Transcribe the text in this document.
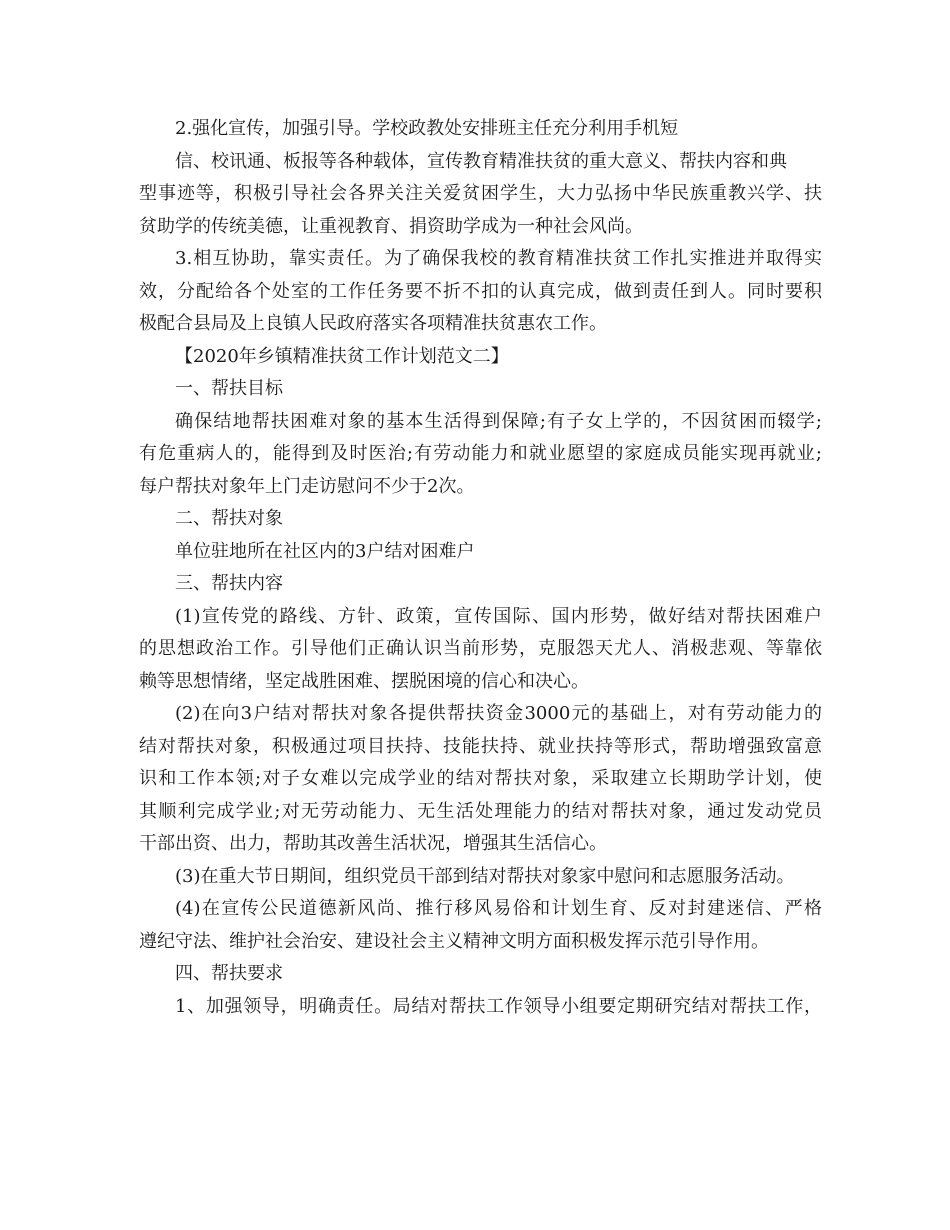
2.强化宣传，加强引导。学校政教处安排班主任充分利用手机短
信、校讯通、板报等各种载体，宣传教育精准扶贫的重大意义、帮扶内容和典
型事迹等，积极引导社会各界关注关爱贫困学生，大力弘扬中华民族重教兴学、扶
贫助学的传统美德，让重视教育、捐资助学成为一种社会风尚。
3.相互协助，靠实责任。为了确保我校的教育精准扶贫工作扎实推进并取得实
效，分配给各个处室的工作任务要不折不扣的认真完成，做到责任到人。同时要积
极配合县局及上良镇人民政府落实各项精准扶贫惠农工作。
【2020年乡镇精准扶贫工作计划范文二】
一、帮扶目标
确保结地帮扶困难对象的基本生活得到保障;有子女上学的，不因贫困而辍学;
有危重病人的，能得到及时医治;有劳动能力和就业愿望的家庭成员能实现再就业;
每户帮扶对象年上门走访慰问不少于2次。
二、帮扶对象
单位驻地所在社区内的3户结对困难户
三、帮扶内容
(1)宣传党的路线、方针、政策，宣传国际、国内形势，做好结对帮扶困难户
的思想政治工作。引导他们正确认识当前形势，克服怨天尤人、消极悲观、等靠依
赖等思想情绪，坚定战胜困难、摆脱困境的信心和决心。
(2)在向3户结对帮扶对象各提供帮扶资金3000元的基础上，对有劳动能力的
结对帮扶对象，积极通过项目扶持、技能扶持、就业扶持等形式，帮助增强致富意
识和工作本领;对子女难以完成学业的结对帮扶对象，采取建立长期助学计划，使
其顺利完成学业;对无劳动能力、无生活处理能力的结对帮扶对象，通过发动党员
干部出资、出力，帮助其改善生活状况，增强其生活信心。
(3)在重大节日期间，组织党员干部到结对帮扶对象家中慰问和志愿服务活动。
(4)在宣传公民道德新风尚、推行移风易俗和计划生育、反对封建迷信、严格
遵纪守法、维护社会治安、建设社会主义精神文明方面积极发挥示范引导作用。
四、帮扶要求
1、加强领导，明确责任。局结对帮扶工作领导小组要定期研究结对帮扶工作，
